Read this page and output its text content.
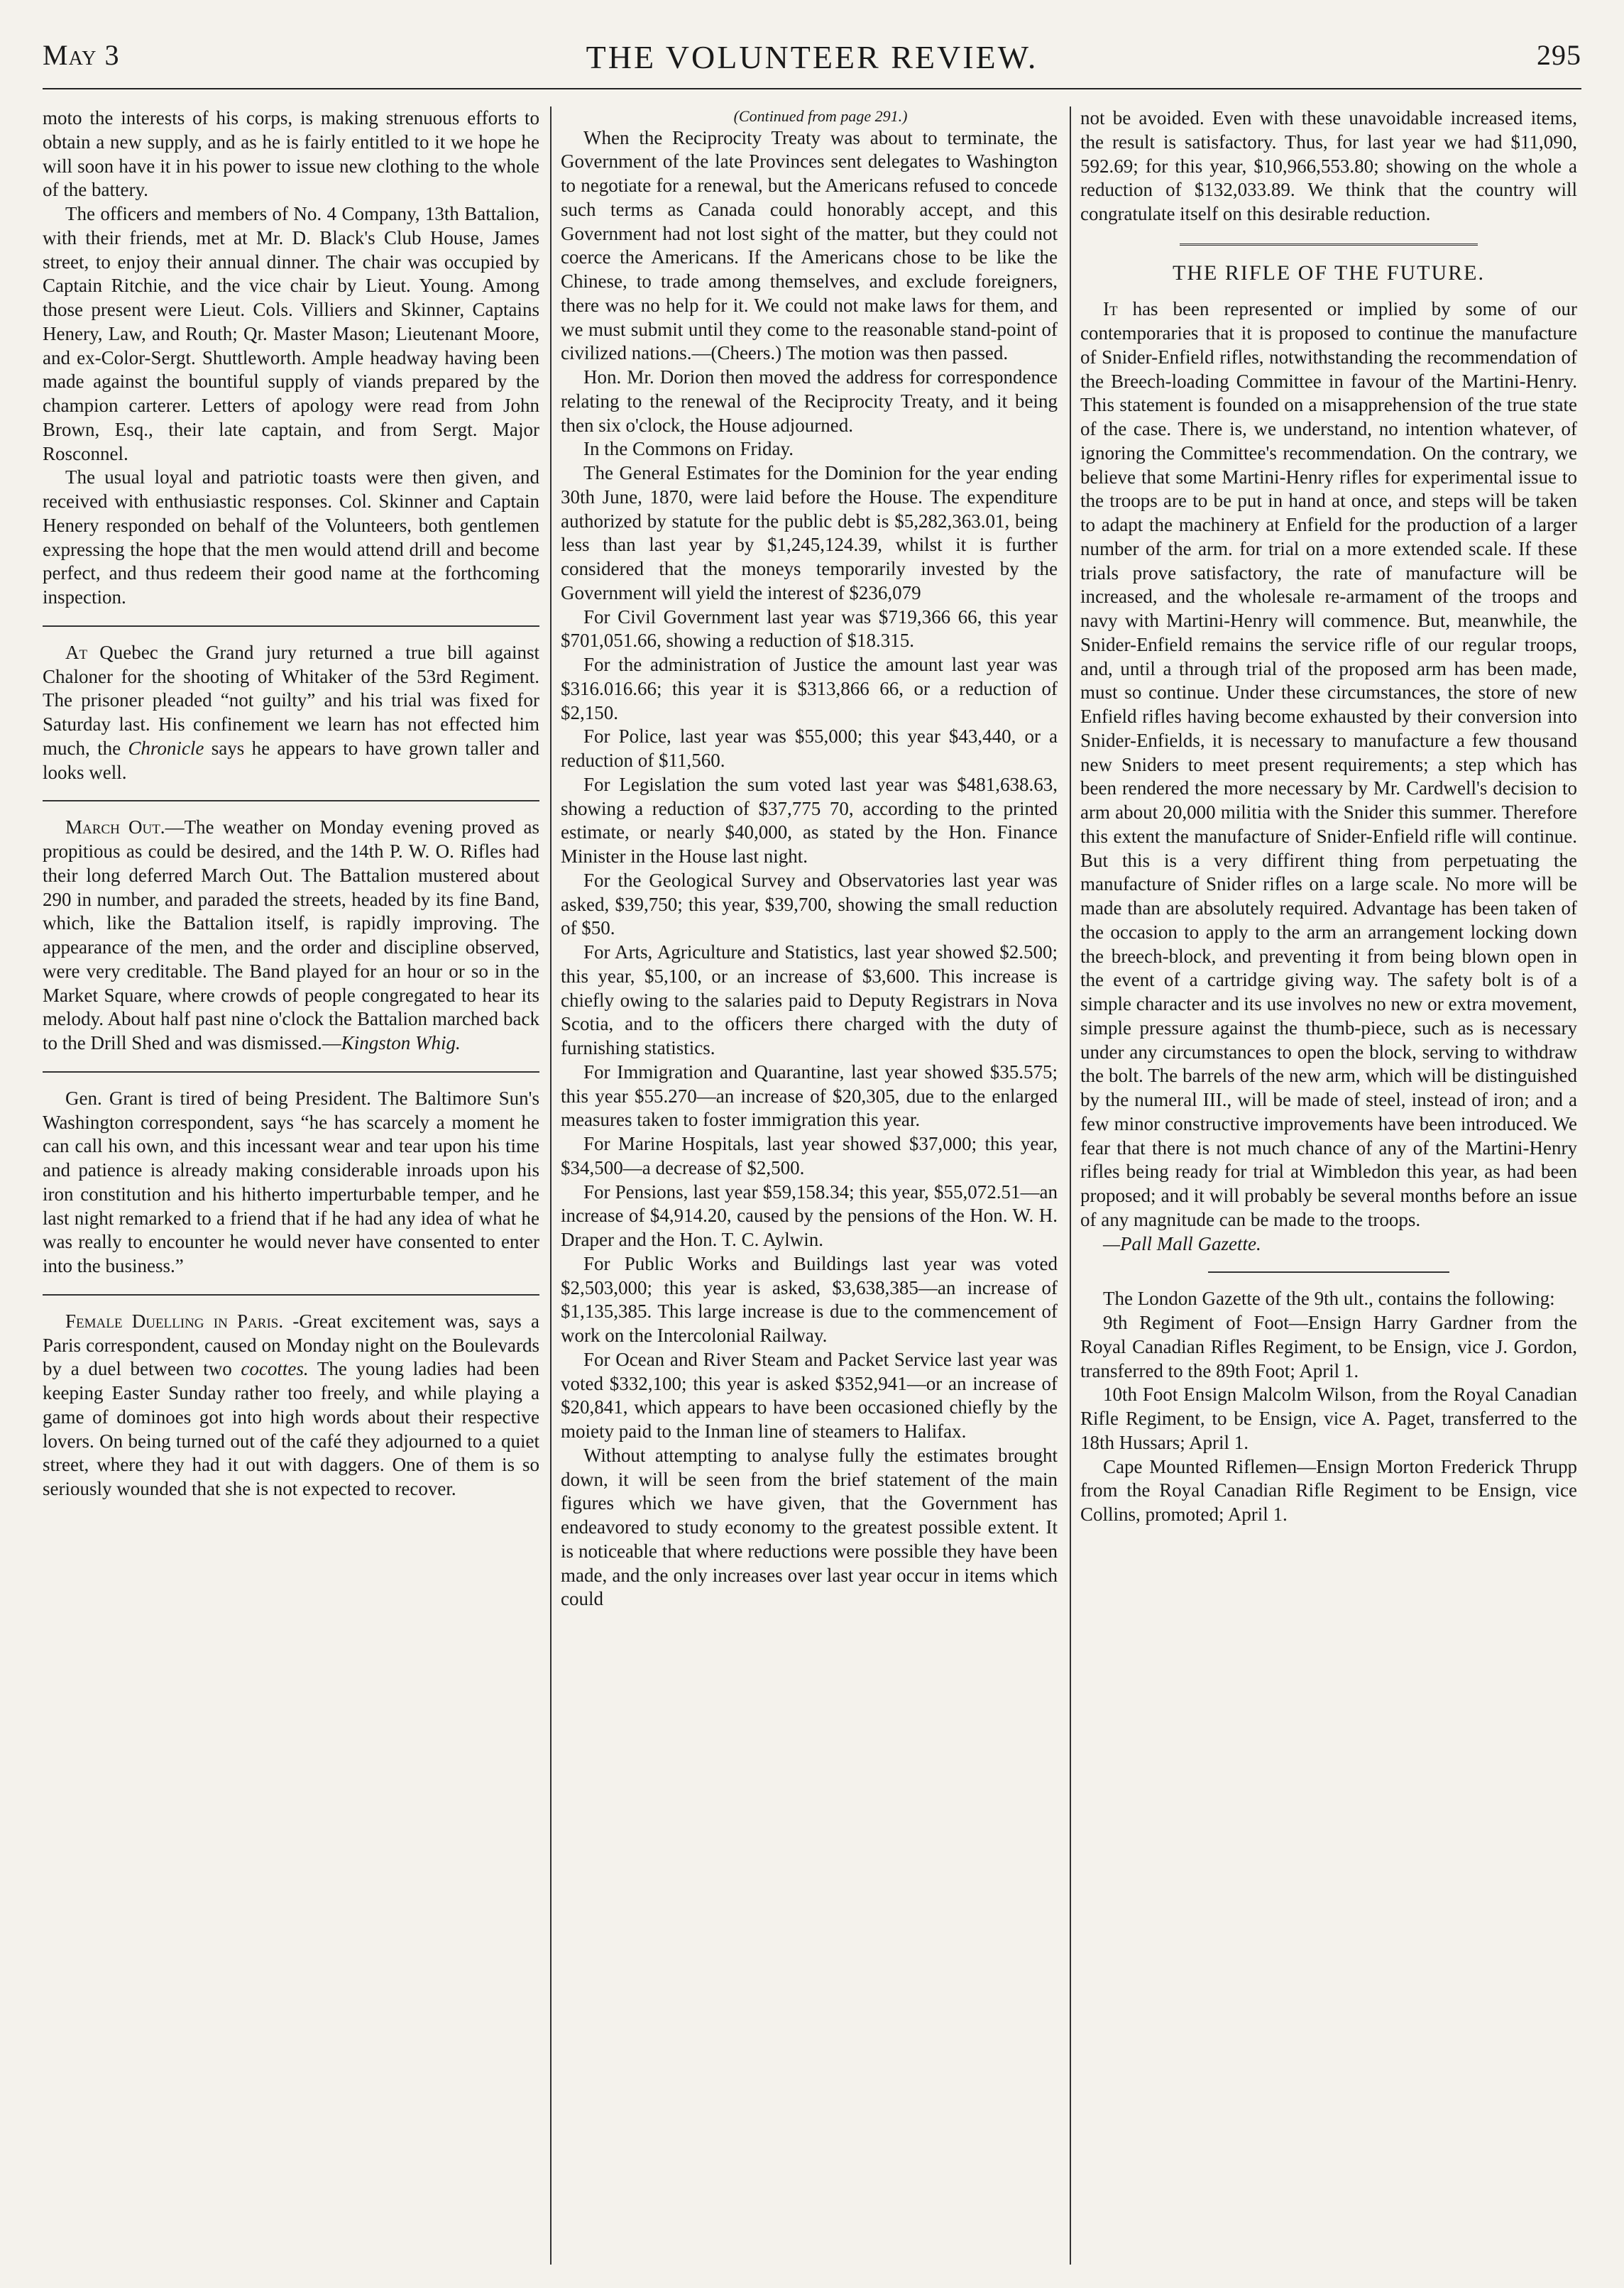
May 3	THE VOLUNTEER REVIEW.	295

moto the interests of his corps, is making strenuous efforts to obtain a new supply, and as he is fairly entitled to it we hope he will soon have it in his power to issue new clothing to the whole of the battery.

The officers and members of No. 4 Company, 13th Battalion, with their friends, met at Mr. D. Black's Club House, James street, to enjoy their annual dinner. The chair was occupied by Captain Ritchie, and the vice chair by Lieut. Young. Among those present were Lieut. Cols. Villiers and Skinner, Captains Henery, Law, and Routh; Qr. Master Mason; Lieutenant Moore, and ex-Color-Sergt. Shuttleworth. Ample headway having been made against the bountiful supply of viands prepared by the champion carterer. Letters of apology were read from John Brown, Esq., their late captain, and from Sergt. Major Rosconnel.

The usual loyal and patriotic toasts were then given, and received with enthusiastic responses. Col. Skinner and Captain Henery responded on behalf of the Volunteers, both gentlemen expressing the hope that the men would attend drill and become perfect, and thus redeem their good name at the forthcoming inspection.

At Quebec the Grand jury returned a true bill against Chaloner for the shooting of Whitaker of the 53rd Regiment. The prisoner pleaded “not guilty” and his trial was fixed for Saturday last. His confinement we learn has not effected him much, the Chronicle says he appears to have grown taller and looks well.

March Out.—The weather on Monday evening proved as propitious as could be desired, and the 14th P. W. O. Rifles had their long deferred March Out. The Battalion mustered about 290 in number, and paraded the streets, headed by its fine Band, which, like the Battalion itself, is rapidly improving. The appearance of the men, and the order and discipline observed, were very creditable. The Band played for an hour or so in the Market Square, where crowds of people congregated to hear its melody. About half past nine o'clock the Battalion marched back to the Drill Shed and was dismissed.—Kingston Whig.

Gen. Grant is tired of being President. The Baltimore Sun's Washington correspondent, says “he has scarcely a moment he can call his own, and this incessant wear and tear upon his time and patience is already making considerable inroads upon his iron constitution and his hitherto imperturbable temper, and he last night remarked to a friend that if he had any idea of what he was really to encounter he would never have consented to enter into the business.”

Female Duelling in Paris. -Great excitement was, says a Paris correspondent, caused on Monday night on the Boulevards by a duel between two cocottes. The young ladies had been keeping Easter Sunday rather too freely, and while playing a game of dominoes got into high words about their respective lovers. On being turned out of the café they adjourned to a quiet street, where they had it out with daggers. One of them is so seriously wounded that she is not expected to recover.

(Continued from page 291.)

When the Reciprocity Treaty was about to terminate, the Government of the late Provinces sent delegates to Washington to negotiate for a renewal, but the Americans refused to concede such terms as Canada could honorably accept, and this Government had not lost sight of the matter, but they could not coerce the Americans. If the Americans chose to be like the Chinese, to trade among themselves, and exclude foreigners, there was no help for it. We could not make laws for them, and we must submit until they come to the reasonable stand-point of civilized nations.—(Cheers.) The motion was then passed.

Hon. Mr. Dorion then moved the address for correspondence relating to the renewal of the Reciprocity Treaty, and it being then six o'clock, the House adjourned.

In the Commons on Friday.

The General Estimates for the Dominion for the year ending 30th June, 1870, were laid before the House. The expenditure authorized by statute for the public debt is $5,282,363.01, being less than last year by $1,245,124.39, whilst it is further considered that the moneys temporarily invested by the Government will yield the interest of $236,079

For Civil Government last year was $719,366 66, this year $701,051.66, showing a reduction of $18.315.

For the administration of Justice the amount last year was $316.016.66; this year it is $313,866 66, or a reduction of $2,150.

For Police, last year was $55,000; this year $43,440, or a reduction of $11,560.

For Legislation the sum voted last year was $481,638.63, showing a reduction of $37,775 70, according to the printed estimate, or nearly $40,000, as stated by the Hon. Finance Minister in the House last night.

For the Geological Survey and Observatories last year was asked, $39,750; this year, $39,700, showing the small reduction of $50.

For Arts, Agriculture and Statistics, last year showed $2.500; this year, $5,100, or an increase of $3,600. This increase is chiefly owing to the salaries paid to Deputy Registrars in Nova Scotia, and to the officers there charged with the duty of furnishing statistics.

For Immigration and Quarantine, last year showed $35.575; this year $55.270—an increase of $20,305, due to the enlarged measures taken to foster immigration this year.

For Marine Hospitals, last year showed $37,000; this year, $34,500—a decrease of $2,500.

For Pensions, last year $59,158.34; this year, $55,072.51—an increase of $4,914.20, caused by the pensions of the Hon. W. H. Draper and the Hon. T. C. Aylwin.

For Public Works and Buildings last year was voted $2,503,000; this year is asked, $3,638,385—an increase of $1,135,385. This large increase is due to the commencement of work on the Intercolonial Railway.

For Ocean and River Steam and Packet Service last year was voted $332,100; this year is asked $352,941—or an increase of $20,841, which appears to have been occasioned chiefly by the moiety paid to the Inman line of steamers to Halifax.

Without attempting to analyse fully the estimates brought down, it will be seen from the brief statement of the main figures which we have given, that the Government has endeavored to study economy to the greatest possible extent. It is noticeable that where reductions were possible they have been made, and the only increases over last year occur in items which could

not be avoided. Even with these unavoidable increased items, the result is satisfactory. Thus, for last year we had $11,090, 592.69; for this year, $10,966,553.80; showing on the whole a reduction of $132,033.89. We think that the country will congratulate itself on this desirable reduction.

THE RIFLE OF THE FUTURE.

It has been represented or implied by some of our contemporaries that it is proposed to continue the manufacture of Snider-Enfield rifles, notwithstanding the recommendation of the Breech-loading Committee in favour of the Martini-Henry. This statement is founded on a misapprehension of the true state of the case. There is, we understand, no intention whatever, of ignoring the Committee's recommendation. On the contrary, we believe that some Martini-Henry rifles for experimental issue to the troops are to be put in hand at once, and steps will be taken to adapt the machinery at Enfield for the production of a larger number of the arm. for trial on a more extended scale. If these trials prove satisfactory, the rate of manufacture will be increased, and the wholesale re-armament of the troops and navy with Martini-Henry will commence. But, meanwhile, the Snider-Enfield remains the service rifle of our regular troops, and, until a through trial of the proposed arm has been made, must so continue. Under these circumstances, the store of new Enfield rifles having become exhausted by their conversion into Snider-Enfields, it is necessary to manufacture a few thousand new Sniders to meet present requirements; a step which has been rendered the more necessary by Mr. Cardwell's decision to arm about 20,000 militia with the Snider this summer. Therefore this extent the manufacture of Snider-Enfield rifle will continue. But this is a very diffirent thing from perpetuating the manufacture of Snider rifles on a large scale. No more will be made than are absolutely required. Advantage has been taken of the occasion to apply to the arm an arrangement locking down the breech-block, and preventing it from being blown open in the event of a cartridge giving way. The safety bolt is of a simple character and its use involves no new or extra movement, simple pressure against the thumb-piece, such as is necessary under any circumstances to open the block, serving to withdraw the bolt. The barrels of the new arm, which will be distinguished by the numeral III., will be made of steel, instead of iron; and a few minor constructive improvements have been introduced. We fear that there is not much chance of any of the Martini-Henry rifles being ready for trial at Wimbledon this year, as had been proposed; and it will probably be several months before an issue of any magnitude can be made to the troops.

—Pall Mall Gazette.

The London Gazette of the 9th ult., contains the following:

9th Regiment of Foot—Ensign Harry Gardner from the Royal Canadian Rifles Regiment, to be Ensign, vice J. Gordon, transferred to the 89th Foot; April 1.

10th Foot Ensign Malcolm Wilson, from the Royal Canadian Rifle Regiment, to be Ensign, vice A. Paget, transferred to the 18th Hussars; April 1.

Cape Mounted Riflemen—Ensign Morton Frederick Thrupp from the Royal Canadian Rifle Regiment to be Ensign, vice Collins, promoted; April 1.
